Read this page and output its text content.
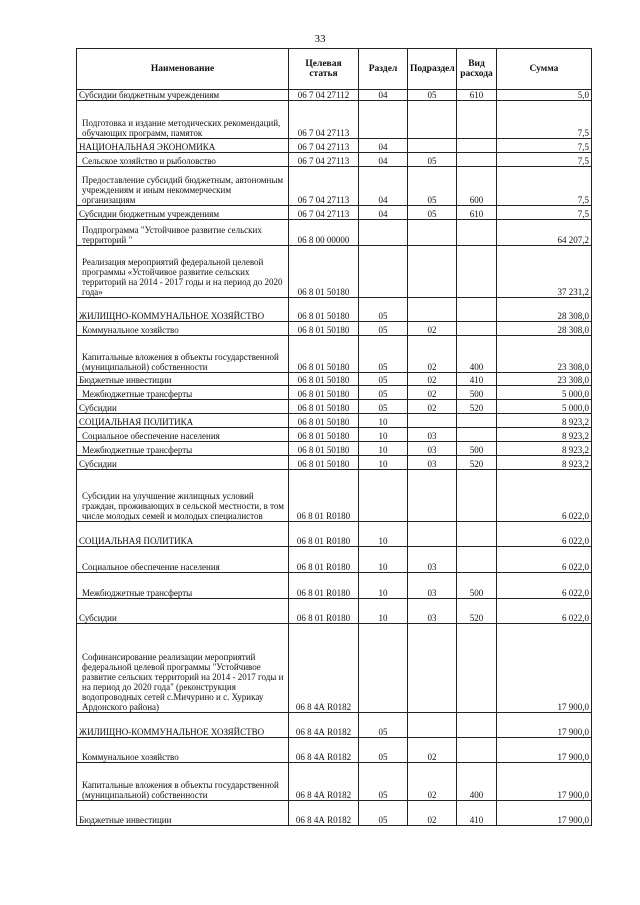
33
Наименование	Целевая статья	Раздел	Подраздел	Вид расхода	Сумма
Субсидии бюджетным учреждениям	06 7 04 27112	04	05	610	5,0
Подготовка и издание методических рекомендаций, обучающих программ, памяток	06 7 04 27113				7,5
НАЦИОНАЛЬНАЯ ЭКОНОМИКА	06 7 04 27113	04			7,5
Сельское хозяйство и рыболовство	06 7 04 27113	04	05		7,5
Предоставление субсидий бюджетным, автономным учреждениям и иным некоммерческим организациям	06 7 04 27113	04	05	600	7,5
Субсидии бюджетным учреждениям	06 7 04 27113	04	05	610	7,5
Подпрограмма "Устойчивое развитие сельских территорий "	06 8 00 00000				64 207,2
Реализация мероприятий федеральной целевой программы «Устойчивое развитие сельских территорий на 2014 - 2017 годы и на период до 2020 года»	06 8 01 50180				37 231,2
ЖИЛИЩНО-КОММУНАЛЬНОЕ ХОЗЯЙСТВО	06 8 01 50180	05			28 308,0
Коммунальное хозяйство	06 8 01 50180	05	02		28 308,0
Капитальные вложения в объекты государственной (муниципальной) собственности	06 8 01 50180	05	02	400	23 308,0
Бюджетные инвестиции	06 8 01 50180	05	02	410	23 308,0
Межбюджетные трансферты	06 8 01 50180	05	02	500	5 000,0
Субсидии	06 8 01 50180	05	02	520	5 000,0
СОЦИАЛЬНАЯ ПОЛИТИКА	06 8 01 50180	10			8 923,2
Социальное обеспечение населения	06 8 01 50180	10	03		8 923,2
Межбюджетные трансферты	06 8 01 50180	10	03	500	8 923,2
Субсидии	06 8 01 50180	10	03	520	8 923,2
Субсидии на улучшение жилищных условий граждан, проживающих в сельской местности, в том числе молодых семей и молодых специалистов	06 8 01 R0180				6 022,0
СОЦИАЛЬНАЯ ПОЛИТИКА	06 8 01 R0180	10			6 022,0
Социальное обеспечение населения	06 8 01 R0180	10	03		6 022,0
Межбюджетные трансферты	06 8 01 R0180	10	03	500	6 022,0
Субсидии	06 8 01 R0180	10	03	520	6 022,0
Софинансирование реализации мероприятий федеральной целевой программы "Устойчивое развитие сельских территорий на 2014 - 2017 годы и на период до 2020 года" (реконструкция водопроводных сетей с.Мичурино и с. Хурикау Ардонского района)	06 8 4А R0182				17 900,0
ЖИЛИЩНО-КОММУНАЛЬНОЕ ХОЗЯЙСТВО	06 8 4А R0182	05			17 900,0
Коммунальное хозяйство	06 8 4А R0182	05	02		17 900,0
Капитальные вложения в объекты государственной (муниципальной) собственности	06 8 4А R0182	05	02	400	17 900,0
Бюджетные инвестиции	06 8 4А R0182	05	02	410	17 900,0
